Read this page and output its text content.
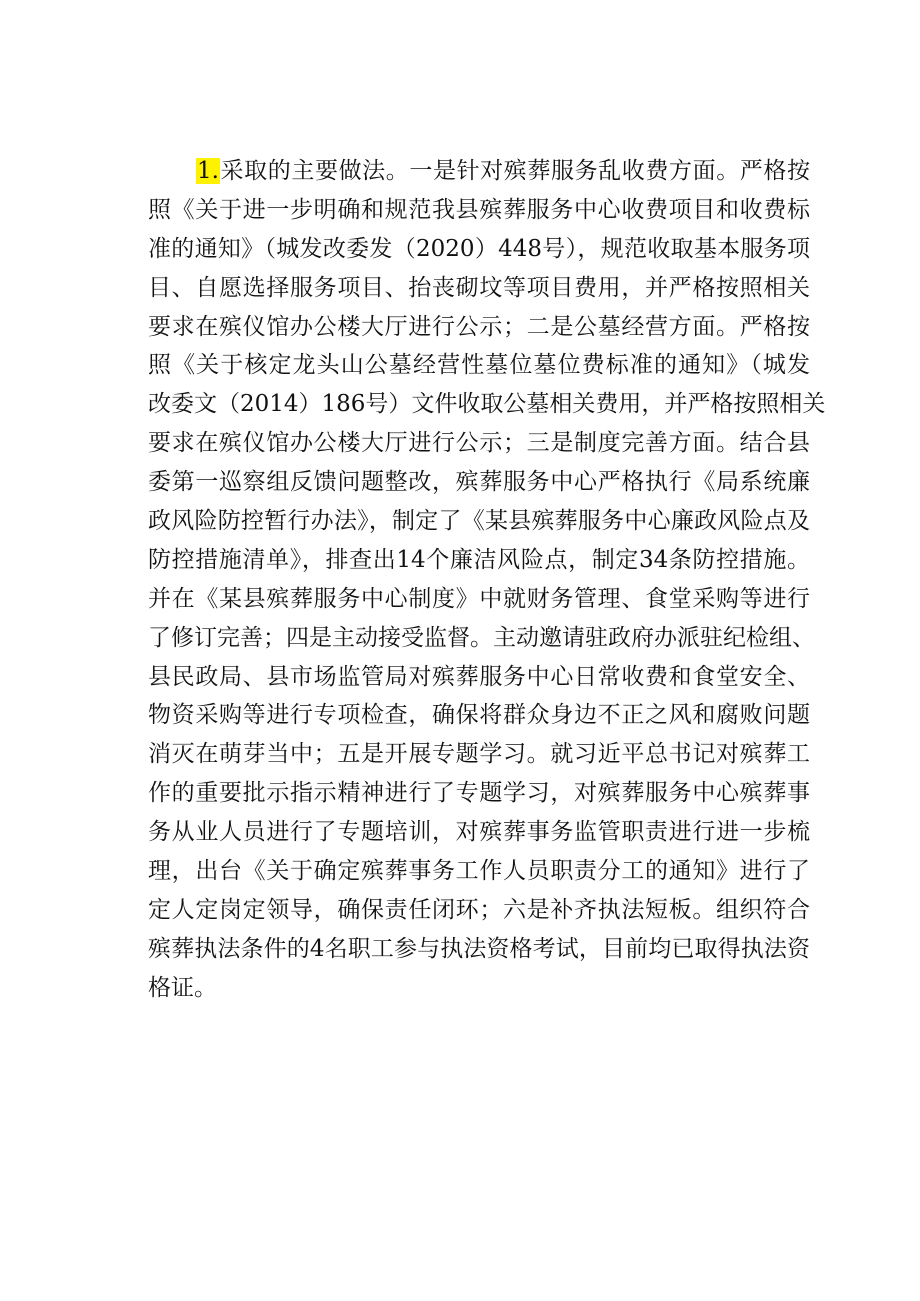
1.采取的主要做法。一是针对殡葬服务乱收费方面。严格按
照《关于进一步明确和规范我县殡葬服务中心收费项目和收费标
准的通知》（城发改委发（2020）448号），规范收取基本服务项
目、自愿选择服务项目、抬丧砌坟等项目费用，并严格按照相关
要求在殡仪馆办公楼大厅进行公示；二是公墓经营方面。严格按
照《关于核定龙头山公墓经营性墓位墓位费标准的通知》（城发
改委文（2014）186号）文件收取公墓相关费用，并严格按照相关
要求在殡仪馆办公楼大厅进行公示；三是制度完善方面。结合县
委第一巡察组反馈问题整改，殡葬服务中心严格执行《局系统廉
政风险防控暂行办法》，制定了《某县殡葬服务中心廉政风险点及
防控措施清单》，排查出14个廉洁风险点，制定34条防控措施。
并在《某县殡葬服务中心制度》中就财务管理、食堂采购等进行
了修订完善；四是主动接受监督。主动邀请驻政府办派驻纪检组、
县民政局、县市场监管局对殡葬服务中心日常收费和食堂安全、
物资采购等进行专项检查，确保将群众身边不正之风和腐败问题
消灭在萌芽当中；五是开展专题学习。就习近平总书记对殡葬工
作的重要批示指示精神进行了专题学习，对殡葬服务中心殡葬事
务从业人员进行了专题培训，对殡葬事务监管职责进行进一步梳
理，出台《关于确定殡葬事务工作人员职责分工的通知》进行了
定人定岗定领导，确保责任闭环；六是补齐执法短板。组织符合
殡葬执法条件的4名职工参与执法资格考试，目前均已取得执法资
格证。
